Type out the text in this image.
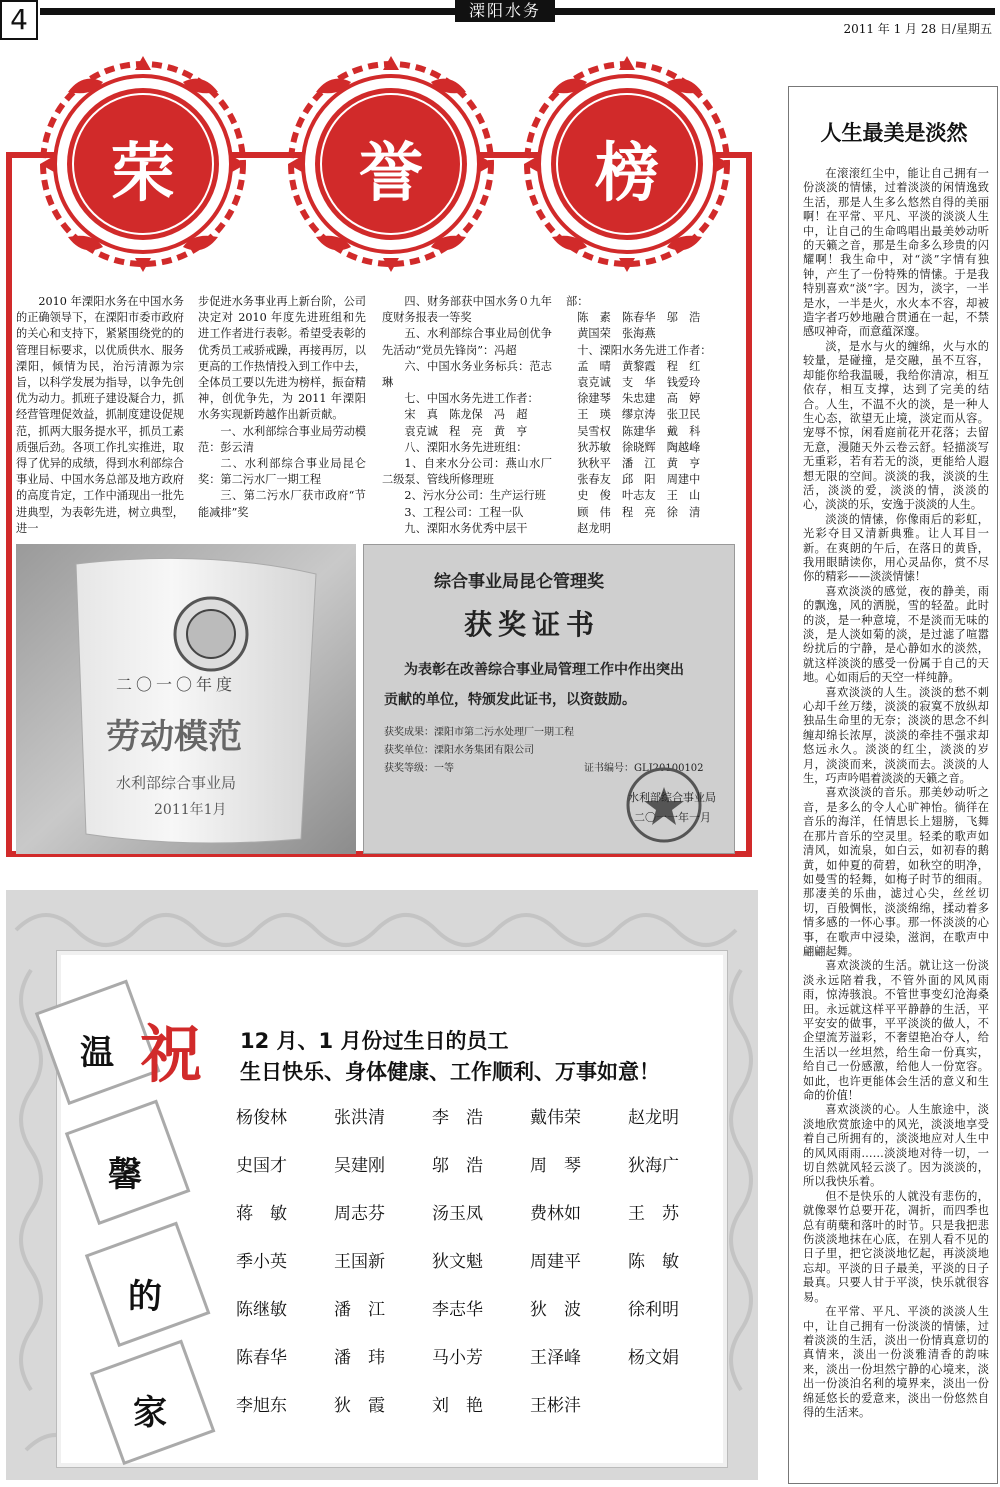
4	溧阳水务
2011 年 1 月 28 日/星期五
荣	誉	榜

2010 年溧阳水务在中国水务的正确领导下，在溧阳市委市政府的关心和支持下，紧紧围绕党的的管理目标要求，以优质供水、服务溧阳，倾情为民，治污清源为宗旨，以科学发展为指导，以争先创优为动力。抓班子建设凝合力，抓经营管理促效益，抓制度建设促规范，抓两大服务提水平，抓员工素质强后劲。各项工作扎实推进，取得了优异的成绩，得到水利部综合事业局、中国水务总部及地方政府的高度肯定，工作中涌现出一批先进典型，为表彰先进，树立典型，进一

步促进水务事业再上新台阶，公司决定对 2010 年度先进班组和先进工作者进行表彰。希望受表彰的优秀员工戒骄戒躁，再接再厉，以更高的工作热情投入到工作中去，全体员工要以先进为榜样，振奋精神，创优争先，为 2011 年溧阳水务实现新跨越作出新贡献。

一、水利部综合事业局劳动模范：彭云清

二、水利部综合事业局昆仑奖：第二污水厂一期工程

三、第二污水厂获市政府“节能减排”奖

四、财务部获中国水务０九年度财务报表一等奖

五、水利部综合事业局创优争先活动“党员先锋岗”：冯超

六、中国水务业务标兵：范志琳

七、中国水务先进工作者：

宋　真　陈龙保　冯　超

袁克诚　程　亮　黄　亨

八、溧阳水务先进班组：

1、自来水分公司：燕山水厂二级泵、管线所修理班

2、污水分公司：生产运行班

3、工程公司：工程一队

九、溧阳水务优秀中层干

部：

陈　素　陈春华　邬　浩

黄国荣　张海燕

十、溧阳水务先进工作者：

孟　晴　黄黎霞　程　红

袁克诚　支　华　钱爱玲

徐建琴　朱忠建　高　婷

王　瑛　缪京涛　张卫民

吴雪权　陈建华　戴　科

狄苏敏　徐晓辉　陶越峰

狄秋平　潘　江　黄　亨

张春友　邱　阳　周建中

史　俊　叶志友　王　山

顾　伟　程　亮　徐　清

赵龙明

二〇一〇年度
劳动模范
水利部综合事业局
2011年1月
综合事业局昆仑管理奖
获奖证书
为表彰在改善综合事业局管理工作中作出突出
贡献的单位，特颁发此证书，以资鼓励。
获奖成果：溧阳市第二污水处理厂一期工程
获奖单位：溧阳水务集团有限公司
获奖等级：一等	证书编号：GLJ20100102
水利部综合事业局
二〇一一年一月
人生最美是淡然

在滚滚红尘中，能让自己拥有一份淡淡的情愫，过着淡淡的闲情逸致生活，那是人生多么悠然自得的美丽啊！在平常、平凡、平淡的淡淡人生中，让自己的生命鸣唱出最美妙动听的天籁之音，那是生命多么珍贵的闪耀啊！我生命中，对“淡”字情有独钟，产生了一份特殊的情愫。于是我特别喜欢“淡”字。因为，淡字，一半是水，一半是火，水火本不容，却被造字者巧妙地融合贯通在一起，不禁感叹神奇，而意蕴深邃。

淡，是水与火的缠绵，火与水的较量，是碰撞，是交融，虽不互容，却能你给我温暖，我给你清凉，相互依存，相互支撑，达到了完美的结合。人生，不温不火的淡，是一种人生心态，欲望无止境，淡定而从容。宠辱不惊，闲看庭前花开花落；去留无意，漫随天外云卷云舒。轻描淡写无重彩，若有若无的淡，更能给人遐想无限的空间。淡淡的我，淡淡的生活，淡淡的爱，淡淡的情，淡淡的心，淡淡的乐，安逸于淡淡的人生。

淡淡的情愫，你像雨后的彩虹，光彩夺目又清新典雅。让人耳目一新。在爽朗的午后，在落日的黄昏，我用眼睛读你，用心灵品你，赏不尽你的精彩——淡淡情愫！

喜欢淡淡的感觉，夜的静美，雨的飘逸，风的洒脱，雪的轻盈。此时的淡，是一种意境，不是淡而无味的淡，是人淡如菊的淡，是过滤了喧嚣纷扰后的宁静，是心静如水的淡然，就这样淡淡的感受一份属于自己的天地。心如雨后的天空一样纯静。

喜欢淡淡的人生。淡淡的愁不刺心却千丝万缕，淡淡的寂寞不放纵却独品生命里的无奈；淡淡的思念不纠缠却绵长浓厚，淡淡的牵挂不强求却悠远永久。淡淡的红尘，淡淡的岁月，淡淡而来，淡淡而去。淡淡的人生，巧声吟唱着淡淡的天籁之音。

喜欢淡淡的音乐。那美妙动听之音，是多么的令人心旷神怡。徜徉在音乐的海洋，任情思长上翅膀，飞舞在那片音乐的空灵里。轻柔的歌声如清风，如流泉，如白云，如初春的鹅黄，如仲夏的荷碧，如秋空的明净，如曼雪的轻舞，如梅子时节的细雨。那凄美的乐曲，滤过心尖，丝丝切切，百般惆怅，淡淡绵绵，揉动着多情多感的一怀心事。那一怀淡淡的心事，在歌声中浸染，滋润，在歌声中翩翩起舞。

喜欢淡淡的生活。就让这一份淡淡永远陪着我，不管外面的风风雨雨，惊涛骇浪。不管世事变幻沧海桑田。永远就这样平平静静的生活，平平安安的做事，平平淡淡的做人，不企望流芳溢彩，不奢望艳冶夺人，给生活以一丝坦然，给生命一份真实，给自己一份感激，给他人一份宽容。如此，也许更能体会生活的意义和生命的价值！

喜欢淡淡的心。人生旅途中，淡淡地欣赏旅途中的风光，淡淡地享受着自己所拥有的，淡淡地应对人生中的风风雨雨……淡淡地对待一切，一切自然就风轻云淡了。因为淡淡的，所以我快乐着。

但不是快乐的人就没有悲伤的，就像翠竹总要开花，凋折，而四季也总有萌蘖和落叶的时节。只是我把悲伤淡淡地抹在心底，在别人看不见的日子里，把它淡淡地忆起，再淡淡地忘却。平淡的日子最美，平淡的日子最真。只要人甘于平淡，快乐就很容易。

在平常、平凡、平淡的淡淡人生中，让自己拥有一份淡淡的情愫，过着淡淡的生活，淡出一份情真意切的真情来，淡出一份淡雅清香的韵味来，淡出一份坦然宁静的心境来，淡出一份淡泊名利的境界来，淡出一份绵延悠长的爱意来，淡出一份悠然自得的生活来。

温
馨
的
家
祝 12 月、1 月份过生日的员工
生日快乐、身体健康、工作顺利、万事如意！
杨俊林	张洪清	李　浩	戴伟荣	赵龙明
史国才	吴建刚	邬　浩	周　琴	狄海广
蒋　敏	周志芬	汤玉凤	费林如	王　苏
季小英	王国新	狄文魁	周建平	陈　敏
陈继敏	潘　江	李志华	狄　波	徐利明
陈春华	潘　玮	马小芳	王泽峰	杨文娟
李旭东	狄　霞	刘　艳	王彬沣
